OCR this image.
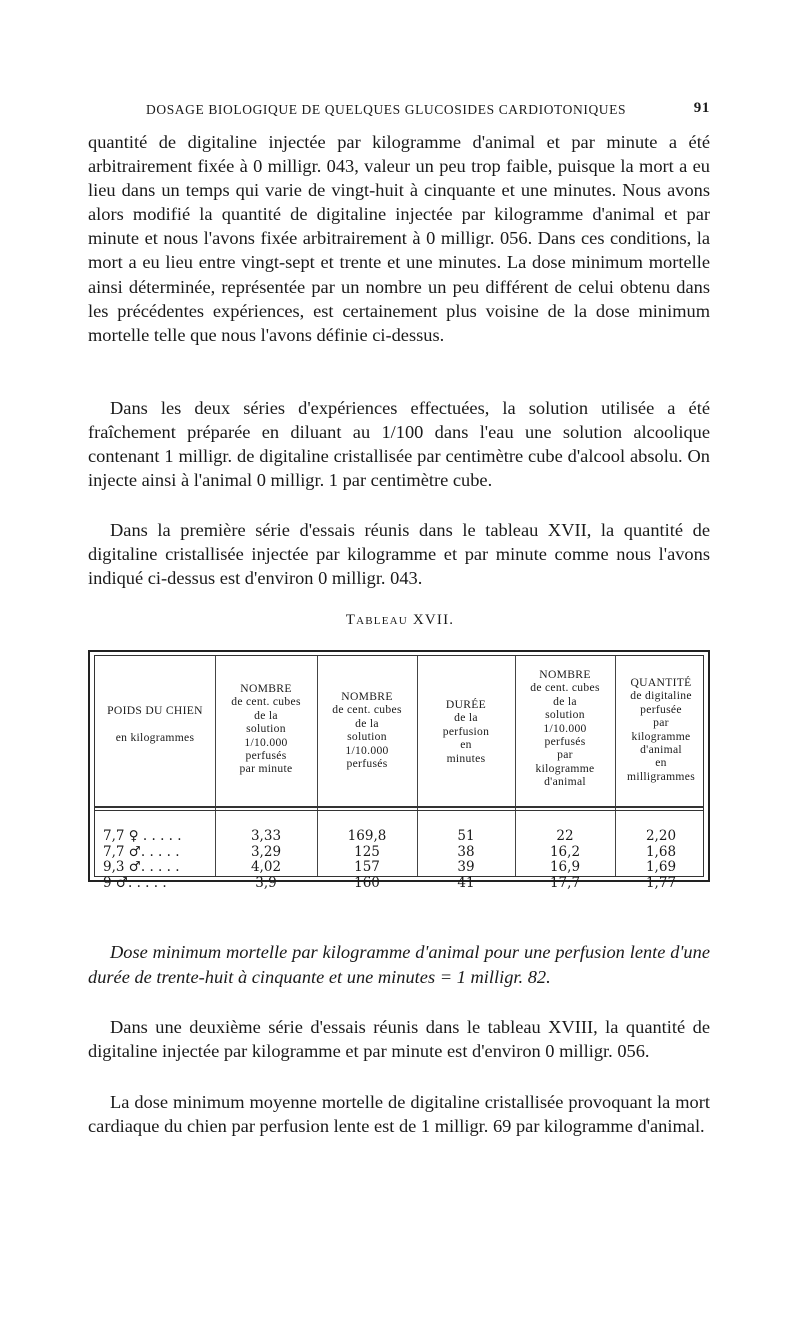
DOSAGE BIOLOGIQUE DE QUELQUES GLUCOSIDES CARDIOTONIQUES	91

quantité de digitaline injectée par kilogramme d'animal et par minute a été arbitrairement fixée à 0 milligr. 043, valeur un peu trop faible, puisque la mort a eu lieu dans un temps qui varie de vingt-huit à cinquante et une minutes. Nous avons alors modifié la quantité de digitaline injectée par kilogramme d'animal et par minute et nous l'avons fixée arbitrairement à 0 milligr. 056. Dans ces conditions, la mort a eu lieu entre vingt-sept et trente et une minutes. La dose minimum mortelle ainsi déterminée, représentée par un nombre un peu différent de celui obtenu dans les précédentes expériences, est certainement plus voisine de la dose minimum mortelle telle que nous l'avons définie ci-dessus.

Dans les deux séries d'expériences effectuées, la solution utilisée a été fraîchement préparée en diluant au 1/100 dans l'eau une solution alcoolique contenant 1 milligr. de digitaline cristallisée par centimètre cube d'alcool absolu. On injecte ainsi à l'animal 0 milligr. 1 par centimètre cube.

Dans la première série d'essais réunis dans le tableau XVII, la quantité de digitaline cristallisée injectée par kilogramme et par minute comme nous l'avons indiqué ci-dessus est d'environ 0 milligr. 043.

Tableau XVII.
POIDS DU CHIEN

en kilogrammes
NOMBRE
de cent. cubes
de la
solution
1/10.000
perfusés
par minute
NOMBRE
de cent. cubes
de la
solution
1/10.000
perfusés
DURÉE
de la
perfusion
en
minutes
NOMBRE
de cent. cubes
de la
solution
1/10.000
perfusés
par
kilogramme
d'animal
QUANTITÉ
de digitaline
perfusée
par
kilogramme
d'animal
en
milligrammes
7,7 ♀ . . . . .
7,7 ♂. . . . .
9,3 ♂. . . . .
9 ♂. . . . .
3,33
3,29
4,02
3,9
169,8
125
157
160
51
38
39
41
22
16,2
16,9
17,7
2,20
1,68
1,69
1,77

Dose minimum mortelle par kilogramme d'animal pour une perfusion lente d'une durée de trente-huit à cinquante et une minutes = 1 milligr. 82.

Dans une deuxième série d'essais réunis dans le tableau XVIII, la quantité de digitaline injectée par kilogramme et par minute est d'environ 0 milligr. 056.

La dose minimum moyenne mortelle de digitaline cristallisée provoquant la mort cardiaque du chien par perfusion lente est de 1 milligr. 69 par kilogramme d'animal.
